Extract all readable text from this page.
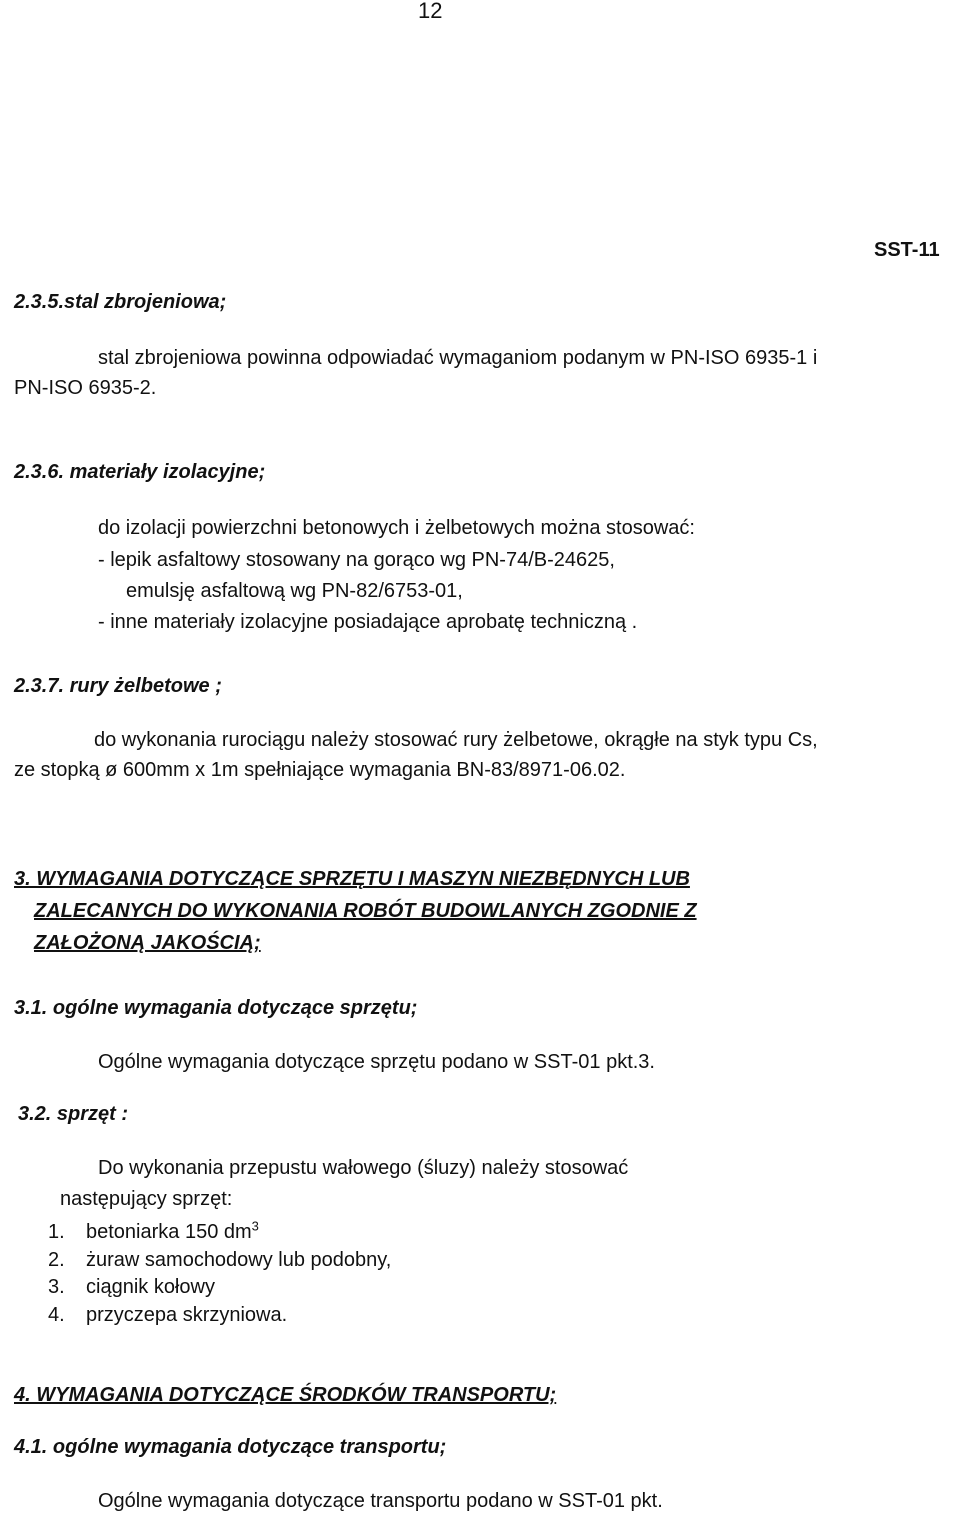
12
SST-11
2.3.5.stal zbrojeniowa;
stal zbrojeniowa powinna odpowiadać wymaganiom podanym w PN-ISO 6935-1 i
PN-ISO 6935-2.
2.3.6. materiały izolacyjne;
do izolacji powierzchni betonowych i żelbetowych można stosować:
- lepik asfaltowy stosowany na gorąco wg PN-74/B-24625,
emulsję asfaltową wg PN-82/6753-01,
- inne materiały izolacyjne posiadające aprobatę techniczną .
2.3.7. rury żelbetowe ;
do wykonania rurociągu należy stosować rury żelbetowe, okrągłe na styk typu Cs,
ze stopką ø 600mm x 1m spełniające wymagania BN-83/8971-06.02.
3. WYMAGANIA DOTYCZĄCE SPRZĘTU I MASZYN NIEZBĘDNYCH LUB
ZALECANYCH DO WYKONANIA ROBÓT BUDOWLANYCH ZGODNIE Z
ZAŁOŻONĄ JAKOŚCIĄ;
3.1. ogólne wymagania dotyczące sprzętu;
Ogólne wymagania dotyczące sprzętu podano w SST-01 pkt.3.
3.2. sprzęt :
Do wykonania przepustu wałowego (śluzy) należy stosować
następujący sprzęt:
1. betoniarka 150 $dm^3$
2. żuraw samochodowy lub podobny,
3. ciągnik kołowy
4. przyczepa skrzyniowa.
4. WYMAGANIA DOTYCZĄCE ŚRODKÓW TRANSPORTU;
4.1. ogólne wymagania dotyczące transportu;
Ogólne wymagania dotyczące transportu podano w SST-01 pkt.
